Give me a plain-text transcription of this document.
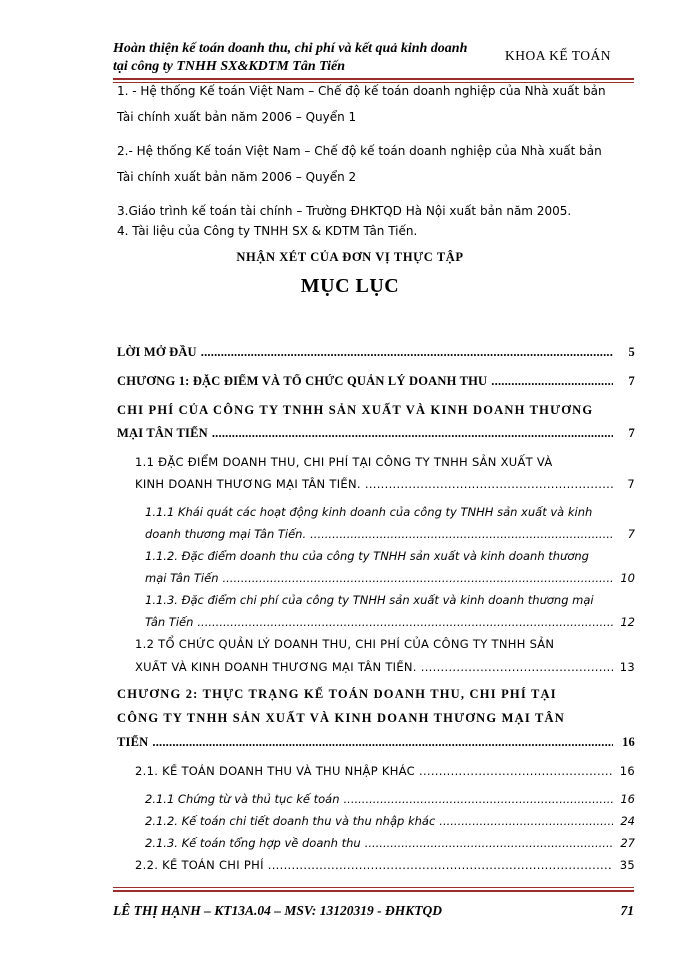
Hoàn thiện kế toán doanh thu, chi phí và kết quả kinh doanh
tại công ty TNHH SX&KDTM Tân Tiến
KHOA KẾ TOÁN
1. - Hệ thống Kế toán Việt Nam – Chế độ kế toán doanh nghiệp của Nhà xuất bản
Tài chính xuất bản năm 2006 – Quyển 1
2.- Hệ thống Kế toán Việt Nam – Chế độ kế toán doanh nghiệp của Nhà xuất bản
Tài chính xuất bản năm 2006 – Quyển 2
3.Giáo trình kế toán tài chính – Trường ĐHKTQD Hà Nội xuất bản năm 2005.
4. Tài liệu của Công ty TNHH SX & KDTM Tân Tiến.
NHẬN XÉT CỦA ĐƠN VỊ THỰC TẬP
MỤC LỤC
LỜI MỞ ĐẦU .....	5
CHƯƠNG 1: ĐẶC ĐIỂM VÀ TỔ CHỨC QUẢN LÝ DOANH THU .....	7
CHI PHÍ CỦA CÔNG TY TNHH SẢN XUẤT VÀ KINH DOANH THƯƠNG
MẠI TÂN TIẾN .....	7
1.1 ĐẶC ĐIỂM DOANH THU, CHI PHÍ TẠI CÔNG TY TNHH SẢN XUẤT VÀ
KINH DOANH THƯƠNG MẠI TÂN TIẾN. .....	7
1.1.1 Khái quát các hoạt động kinh doanh của công ty TNHH sản xuất và kinh
doanh thương mại Tân Tiến. .....	7
1.1.2. Đặc điểm doanh thu của công ty TNHH sản xuất và kinh doanh thương
mại Tân Tiến .....	10
1.1.3. Đặc điểm chi phí của công ty TNHH sản xuất và kinh doanh thương mại
Tân Tiến .....	12
1.2 TỔ CHỨC QUẢN LÝ DOANH THU, CHI PHÍ CỦA CÔNG TY TNHH SẢN
XUẤT VÀ KINH DOANH THƯƠNG MẠI TÂN TIẾN. .....	13
CHƯƠNG 2: THỰC TRẠNG KẾ TOÁN DOANH THU, CHI PHÍ TẠI
CÔNG TY TNHH SẢN XUẤT VÀ KINH DOANH THƯƠNG MẠI TÂN
TIẾN .....	16
2.1. KẾ TOÁN DOANH THU VÀ THU NHẬP KHÁC .....	16
2.1.1 Chứng từ và thủ tục kế toán .....	16
2.1.2. Kế toán chi tiết doanh thu và thu nhập khác .....	24
2.1.3. Kế toán tổng hợp về doanh thu .....	27
2.2. KẾ TOÁN CHI PHÍ .....	35
LÊ THỊ HẠNH – KT13A.04 – MSV: 13120319 - ĐHKTQD	71
